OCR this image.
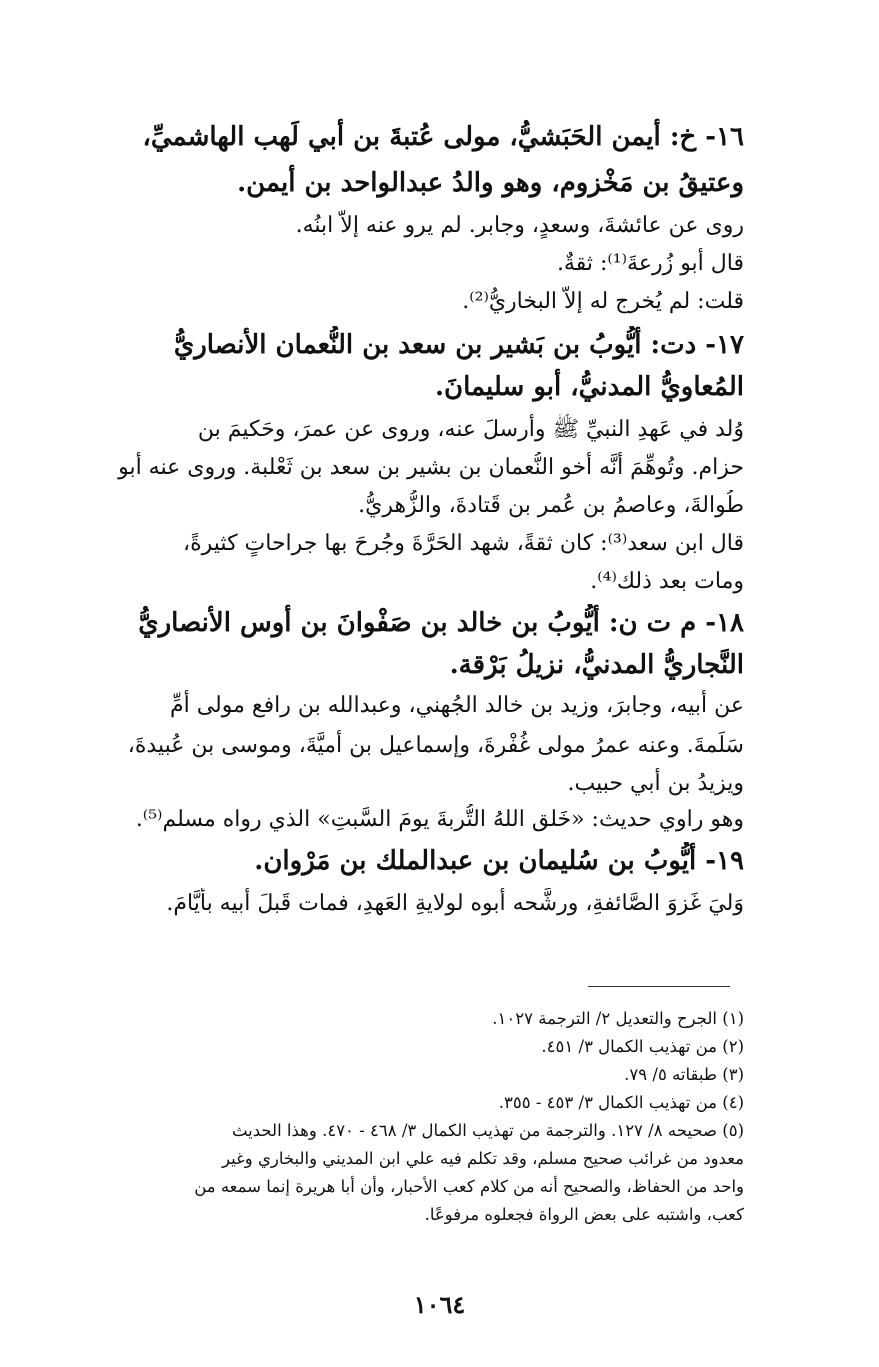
١٦- خ: أيمن الحَبَشيُّ، مولى عُتبةَ بن أبي لَهب الهاشميِّ،
وعتيقُ بن مَخْزوم، وهو والدُ عبدالواحد بن أيمن.
روى عن عائشةَ، وسعدٍ، وجابر. لم يرو عنه إلاَّ ابنُه.
قال أبو زُرعةَ⁽¹⁾: ثقةٌ.
قلت: لم يُخرج له إلاَّ البخاريُّ⁽²⁾.
١٧- دت: أيُّوبُ بن بَشير بن سعد بن النُّعمان الأنصاريُّ
المُعاويُّ المدنيُّ، أبو سليمانَ.
وُلد في عَهدِ النبيِّ ﷺ وأرسلَ عنه، وروى عن عمرَ، وحَكيمَ بن
حزام. وتُوهِّمَ أنَّه أخو النُّعمان بن بشير بن سعد بن ثَعْلبة. وروى عنه أبو
طُوالةَ، وعاصمُ بن عُمر بن قَتادةَ، والزُّهريُّ.
قال ابن سعد⁽³⁾: كان ثقةً، شهد الحَرَّةَ وجُرحَ بها جراحاتٍ كثيرةً،
ومات بعد ذلك⁽⁴⁾.
١٨- م ت ن: أيُّوبُ بن خالد بن صَفْوانَ بن أوس الأنصاريُّ
النَّجاريُّ المدنيُّ، نزيلُ بَرْقة.
عن أبيه، وجابرَ، وزيد بن خالد الجُهني، وعبدالله بن رافع مولى أُمِّ
سَلَمةَ. وعنه عمرُ مولى غُفْرةَ، وإسماعيل بن أُميَّةَ، وموسى بن عُبيدةَ،
ويزيدُ بن أبي حبيب.
وهو راوي حديث: «خَلق اللهُ التُّربةَ يومَ السَّبتِ» الذي رواه مسلم⁽⁵⁾.
١٩- أيُّوبُ بن سُليمان بن عبدالملك بن مَرْوان.
وَليَ غَزوَ الصَّائفةِ، ورشَّحه أبوه لولايةِ العَهدِ، فمات قَبلَ أبيه بأيَّامَ.
(١) الجرح والتعديل ٢/ الترجمة ١٠٢٧.
(٢) من تهذيب الكمال ٣/ ٤٥١.
(٣) طبقاته ٥/ ٧٩.
(٤) من تهذيب الكمال ٣/ ٤٥٣ - ٣٥٥.
(٥) صحيحه ٨/ ١٢٧. والترجمة من تهذيب الكمال ٣/ ٤٦٨ - ٤٧٠. وهذا الحديث
معدود من غرائب صحيح مسلم، وقد تكلم فيه علي ابن المديني والبخاري وغير
واحد من الحفاظ، والصحيح أنه من كلام كعب الأحبار، وأن أبا هريرة إنما سمعه من
كعب، واشتبه على بعض الرواة فجعلوه مرفوعًا.
١٠٦٤
